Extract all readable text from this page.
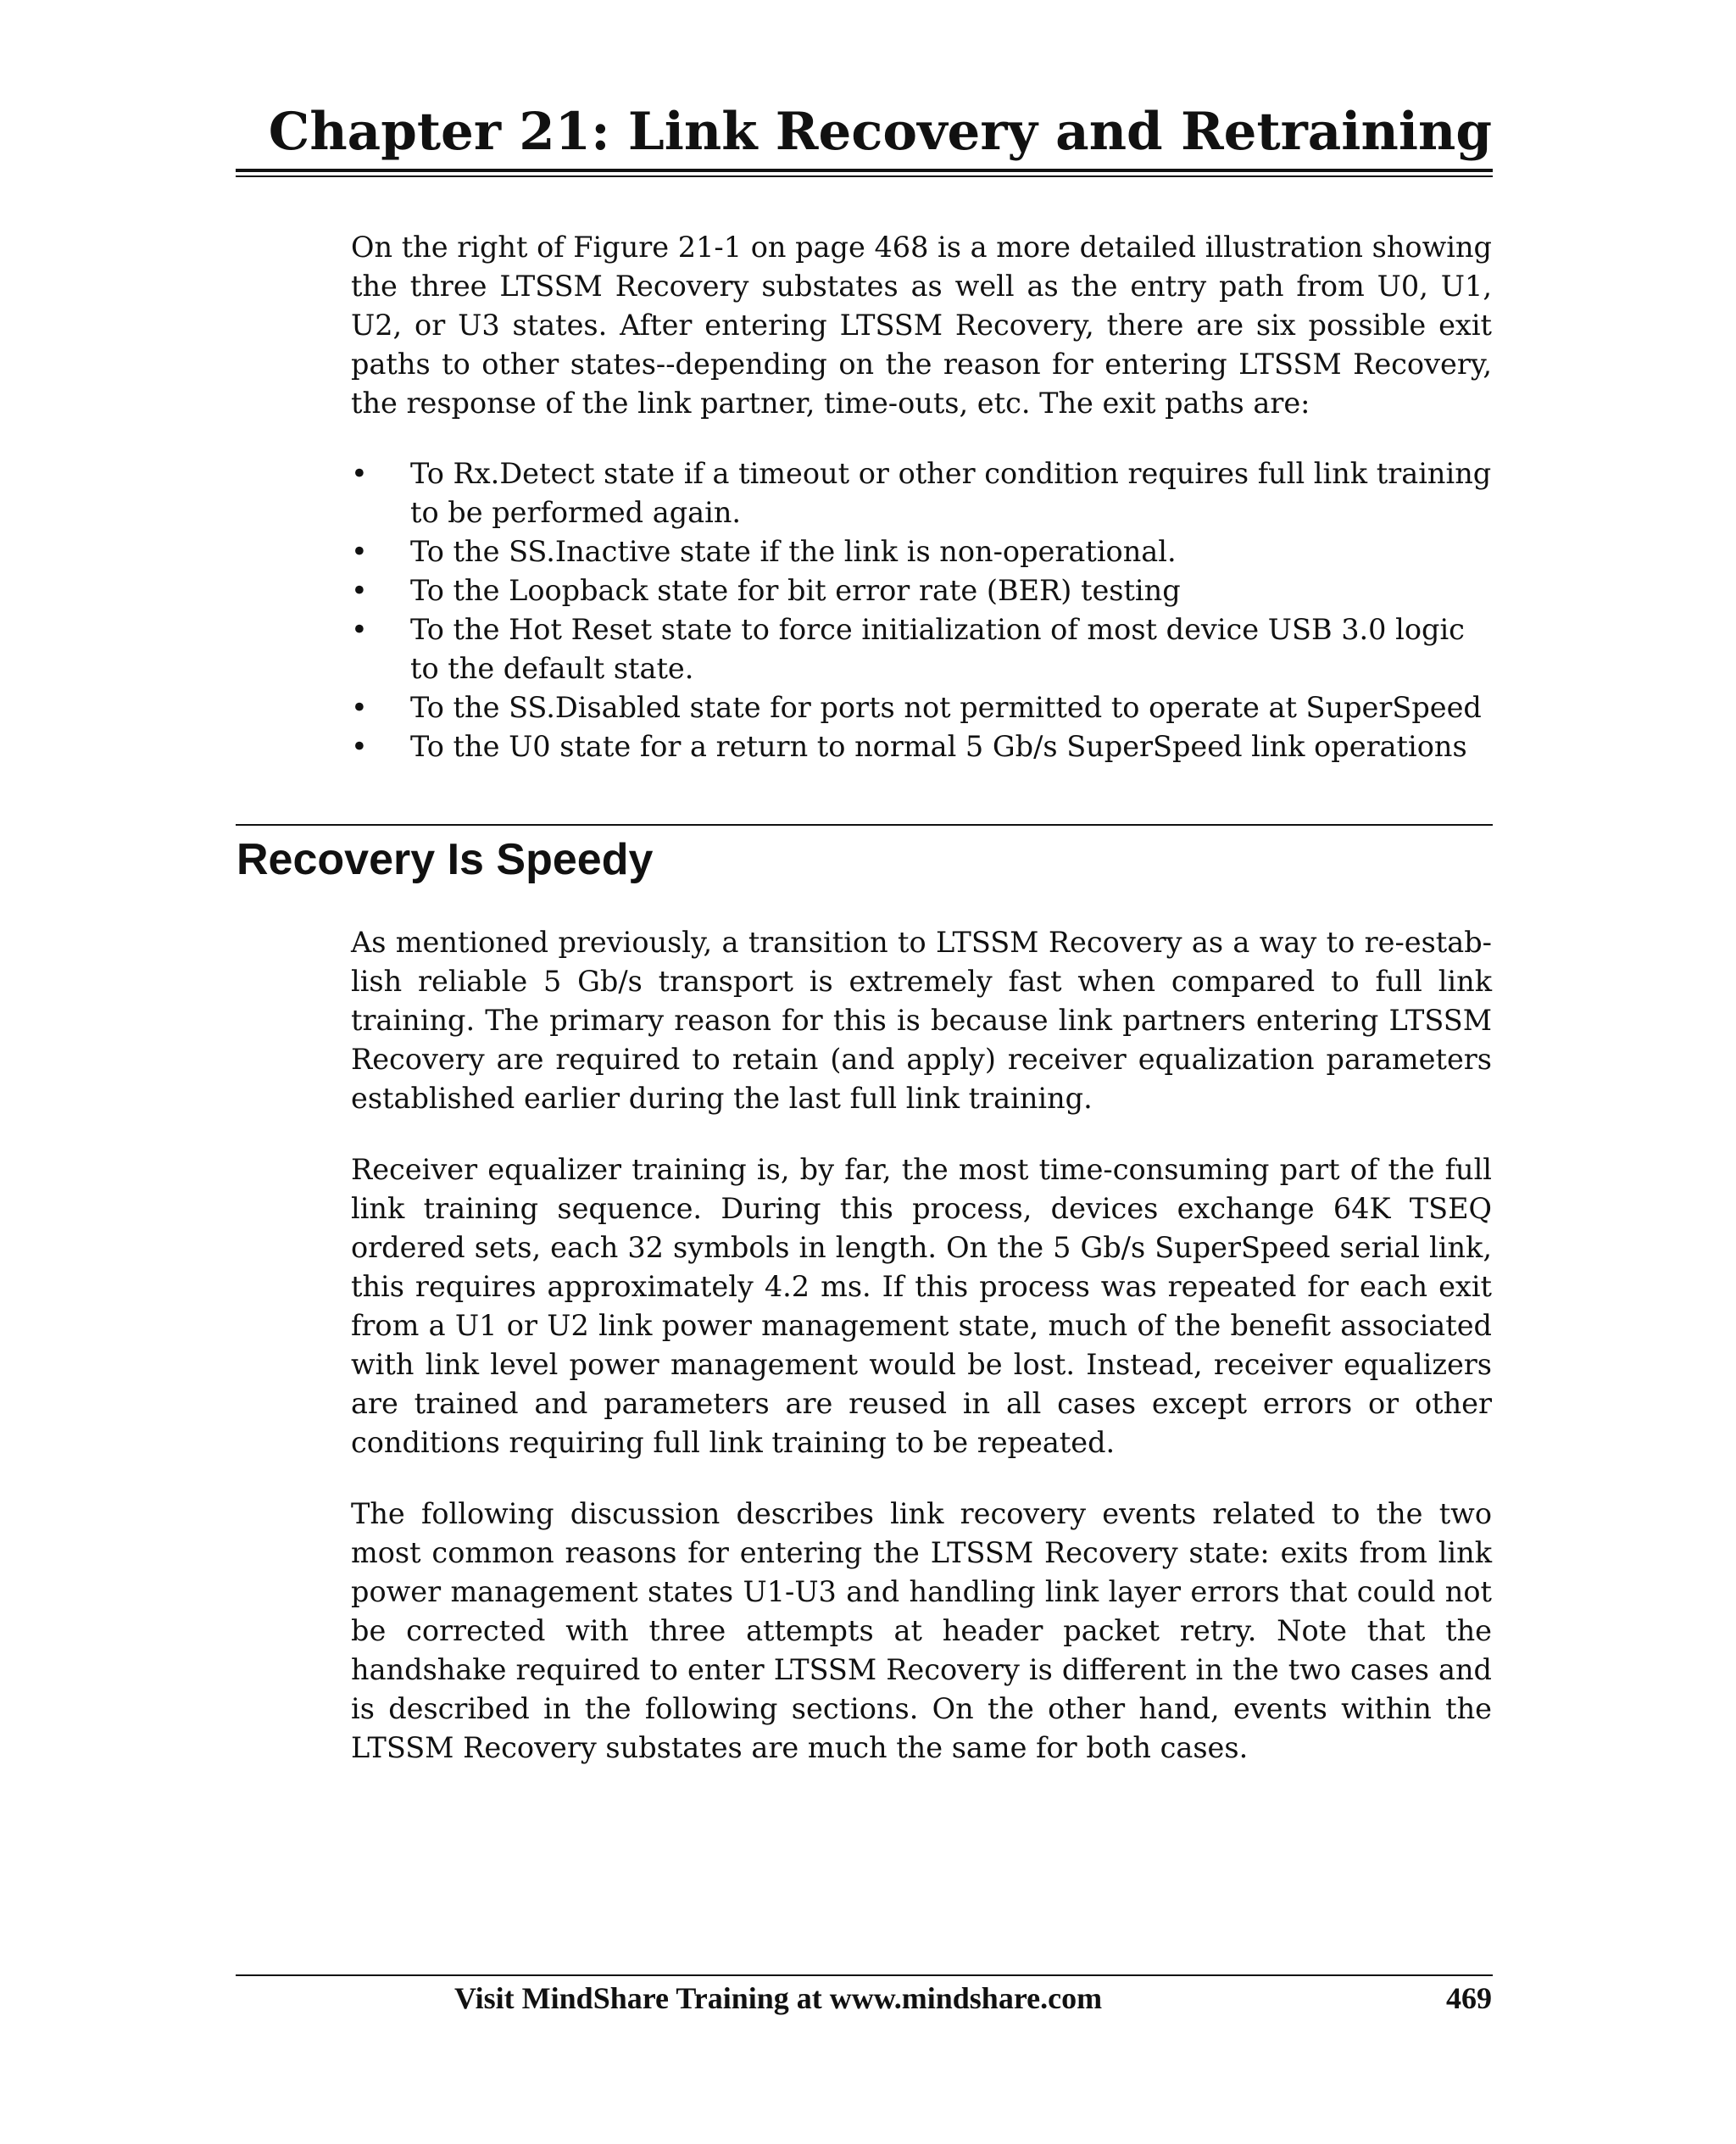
Chapter 21: Link Recovery and Retraining

On the right of Figure 21-1 on page 468 is a more detailed illustration showing the three LTSSM Recovery substates as well as the entry path from U0, U1, U2, or U3 states. After entering LTSSM Recovery, there are six possible exit paths to other states--depending on the reason for entering LTSSM Recovery, the response of the link partner, time-outs, etc. The exit paths are:

• To Rx.Detect state if a timeout or other condition requires full link training to be performed again.
• To the SS.Inactive state if the link is non-operational.
• To the Loopback state for bit error rate (BER) testing
• To the Hot Reset state to force initialization of most device USB 3.0 logic to the default state.
• To the SS.Disabled state for ports not permitted to operate at SuperSpeed
• To the U0 state for a return to normal 5 Gb/s SuperSpeed link operations
Recovery Is Speedy

As mentioned previously, a transition to LTSSM Recovery as a way to re-establish reliable 5 Gb/s transport is extremely fast when compared to full link training. The primary reason for this is because link partners entering LTSSM Recovery are required to retain (and apply) receiver equalization parameters established earlier during the last full link training.

Receiver equalizer training is, by far, the most time-consuming part of the full link training sequence. During this process, devices exchange 64K TSEQ ordered sets, each 32 symbols in length. On the 5 Gb/s SuperSpeed serial link, this requires approximately 4.2 ms. If this process was repeated for each exit from a U1 or U2 link power management state, much of the benefit associated with link level power management would be lost. Instead, receiver equalizers are trained and parameters are reused in all cases except errors or other conditions requiring full link training to be repeated.

The following discussion describes link recovery events related to the two most common reasons for entering the LTSSM Recovery state: exits from link power management states U1-U3 and handling link layer errors that could not be corrected with three attempts at header packet retry. Note that the handshake required to enter LTSSM Recovery is different in the two cases and is described in the following sections. On the other hand, events within the LTSSM Recovery substates are much the same for both cases.

Visit MindShare Training at www.mindshare.com	469
